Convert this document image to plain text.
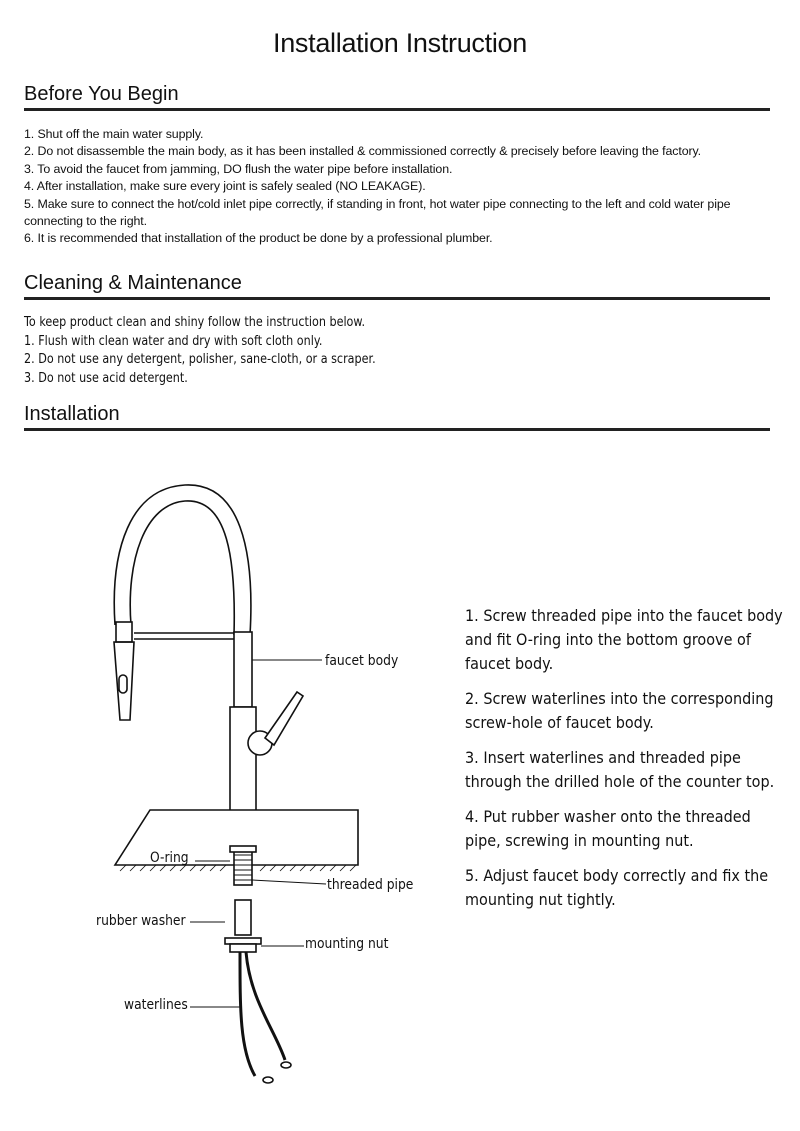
Installation Instruction
Before You Begin
1. Shut off the main water supply.
2. Do not disassemble the main body, as it has been installed & commissioned correctly & precisely before leaving the factory.
3. To avoid the faucet from jamming, DO flush the water pipe before installation.
4. After installation, make sure every joint is safely sealed (NO LEAKAGE).
5. Make sure to connect the hot/cold inlet pipe correctly, if standing in front, hot water pipe connecting to the left and cold water pipe connecting to the right.
6. It is recommended that installation of the product be done by a professional plumber.
Cleaning & Maintenance
To keep product clean and shiny follow the instruction below.
1. Flush with clean water and dry with soft cloth only.
2. Do not use any detergent, polisher, sane-cloth, or a scraper.
3. Do not use acid detergent.
Installation
faucet body
O-ring
threaded pipe
rubber washer
mounting nut
waterlines
1. Screw threaded pipe into the faucet body and fit O-ring into the bottom groove of faucet body.
2. Screw waterlines into the corresponding screw-hole of faucet body.
3. Insert waterlines and threaded pipe through the drilled hole of the counter top.
4. Put rubber washer onto the threaded pipe, screwing in mounting nut.
5. Adjust faucet body correctly and fix the mounting nut tightly.
